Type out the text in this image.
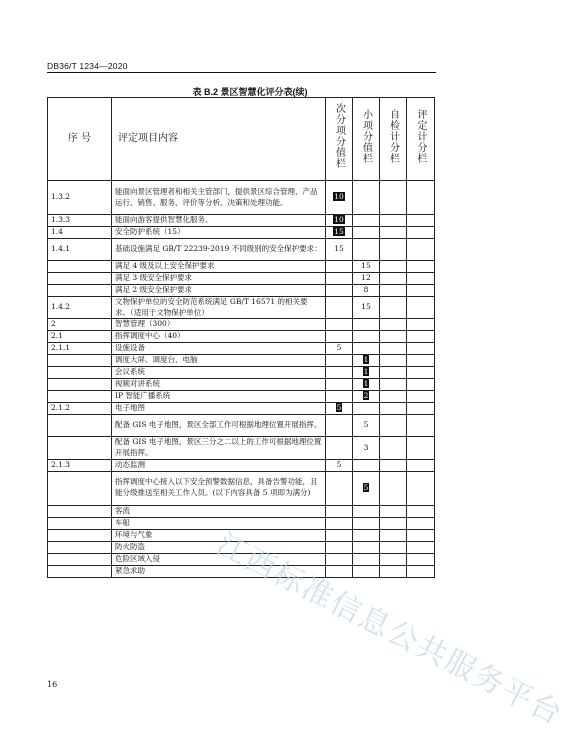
DB36/T 1234—2020
表 B.2 景区智慧化评分表(续)
序 号	评定项目内容	次分项分值栏	小项分值栏	自检计分栏	评定计分栏
1.3.2	能面向景区管理者和相关主管部门，提供景区综合管理、产品运行、销售、服务、评价等分析、决策和处理功能。	10			
1.3.3	能面向游客提供智慧化服务。	10			
1.4	安全防护系统（15）	15			
1.4.1	基础设施满足 GB/T 22239-2019 不同级别的安全保护要求：	15			
	满足 4 级及以上安全保护要求		15		
	满足 3 级安全保护要求		12		
	满足 2 级安全保护要求		8		
1.4.2	文物保护单位的安全防范系统满足 GB/T 16571 的相关要求。（适用于文物保护单位）		15		
2	智慧管理（300）				
2.1	指挥调度中心（40）				
2.1.1	设施设备	5			
	调度大屏、调度台、电脑		1		
	会议系统		1		
	视频对讲系统		1		
	IP 智能广播系统		2		
2.1.2	电子地图	5			
	配备 GIS 电子地图，景区全部工作可根据地理位置开展指挥。		5		
	配备 GIS 电子地图，景区三分之二以上的工作可根据地理位置开展指挥。		3		
2.1.3	动态监测	5			
	指挥调度中心接入以下安全预警数据信息，具备告警功能，且能分级推送至相关工作人员。(以下内容具备 5 项即为满分)		5		
	客流				
	车船				
	环境与气象				
	防火防盗				
	危险区域入侵				
	紧急求助				
16	江西标准信息公共服务平台
